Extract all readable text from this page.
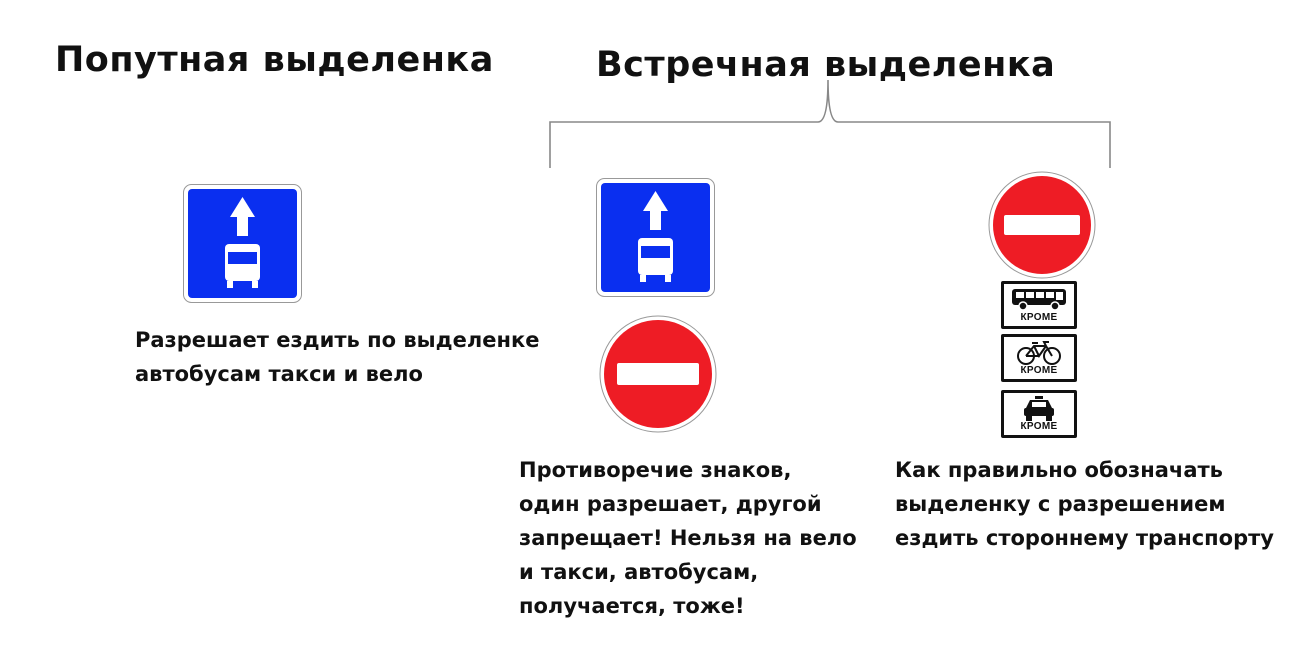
Попутная выделенка	Встречная выделенка
Разрешает ездить по выделенке
автобусам такси и вело
Противоречие знаков,
один разрешает, другой
запрещает! Нельзя на вело
и такси, автобусам,
получается, тоже!
КРОМЕ
КРОМЕ
КРОМЕ
Как правильно обозначать
выделенку с разрешением
ездить стороннему транспорту
